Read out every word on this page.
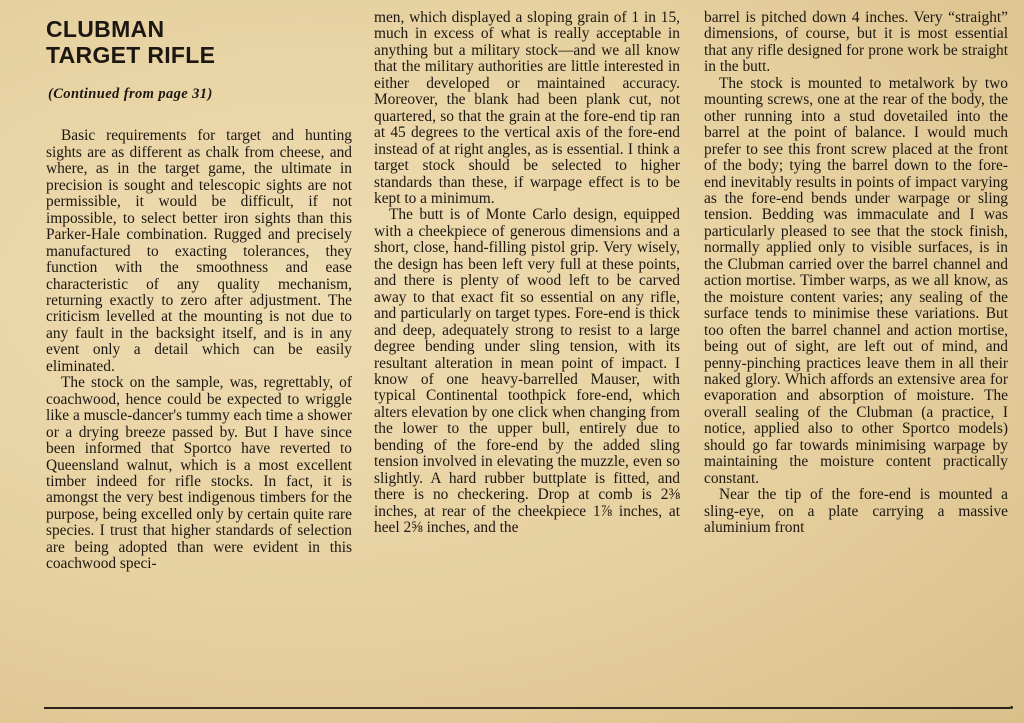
CLUBMAN
TARGET RIFLE
(Continued from page 31)

Basic requirements for target and hunting sights are as different as chalk from cheese, and where, as in the target game, the ultimate in precision is sought and telescopic sights are not permissible, it would be difficult, if not impossible, to select better iron sights than this Parker-Hale combination. Rugged and precisely manufactured to exacting tolerances, they function with the smoothness and ease characteristic of any quality mechanism, returning exactly to zero after adjustment. The criticism levelled at the mounting is not due to any fault in the backsight itself, and is in any event only a detail which can be easily eliminated.

The stock on the sample, was, regrettably, of coachwood, hence could be expected to wriggle like a muscle-dancer's tummy each time a shower or a drying breeze passed by. But I have since been informed that Sportco have reverted to Queensland walnut, which is a most excellent timber indeed for rifle stocks. In fact, it is amongst the very best indigenous timbers for the purpose, being excelled only by certain quite rare species. I trust that higher standards of selection are being adopted than were evident in this coachwood speci-

men, which displayed a sloping grain of 1 in 15, much in excess of what is really acceptable in anything but a military stock—and we all know that the military authorities are little interested in either developed or maintained accuracy. Moreover, the blank had been plank cut, not quartered, so that the grain at the fore-end tip ran at 45 degrees to the vertical axis of the fore-end instead of at right angles, as is essential. I think a target stock should be selected to higher standards than these, if warpage effect is to be kept to a minimum.

The butt is of Monte Carlo design, equipped with a cheekpiece of generous dimensions and a short, close, hand-filling pistol grip. Very wisely, the design has been left very full at these points, and there is plenty of wood left to be carved away to that exact fit so essential on any rifle, and particularly on target types. Fore-end is thick and deep, adequately strong to resist to a large degree bending under sling tension, with its resultant alteration in mean point of impact. I know of one heavy-barrelled Mauser, with typical Continental toothpick fore-end, which alters elevation by one click when changing from the lower to the upper bull, entirely due to bending of the fore-end by the added sling tension involved in elevating the muzzle, even so slightly. A hard rubber buttplate is fitted, and there is no checkering. Drop at comb is 2⅜ inches, at rear of the cheekpiece 1⅞ inches, at heel 2⅝ inches, and the

barrel is pitched down 4 inches. Very “straight” dimensions, of course, but it is most essential that any rifle designed for prone work be straight in the butt.

The stock is mounted to metalwork by two mounting screws, one at the rear of the body, the other running into a stud dovetailed into the barrel at the point of balance. I would much prefer to see this front screw placed at the front of the body; tying the barrel down to the fore-end inevitably results in points of impact varying as the fore-end bends under warpage or sling tension. Bedding was immaculate and I was particularly pleased to see that the stock finish, normally applied only to visible surfaces, is in the Clubman carried over the barrel channel and action mortise. Timber warps, as we all know, as the moisture content varies; any sealing of the surface tends to minimise these variations. But too often the barrel channel and action mortise, being out of sight, are left out of mind, and penny-pinching practices leave them in all their naked glory. Which affords an extensive area for evaporation and absorption of moisture. The overall sealing of the Clubman (a practice, I notice, applied also to other Sportco models) should go far towards minimising warpage by maintaining the moisture content practically constant.

Near the tip of the fore-end is mounted a sling-eye, on a plate carrying a massive aluminium front
